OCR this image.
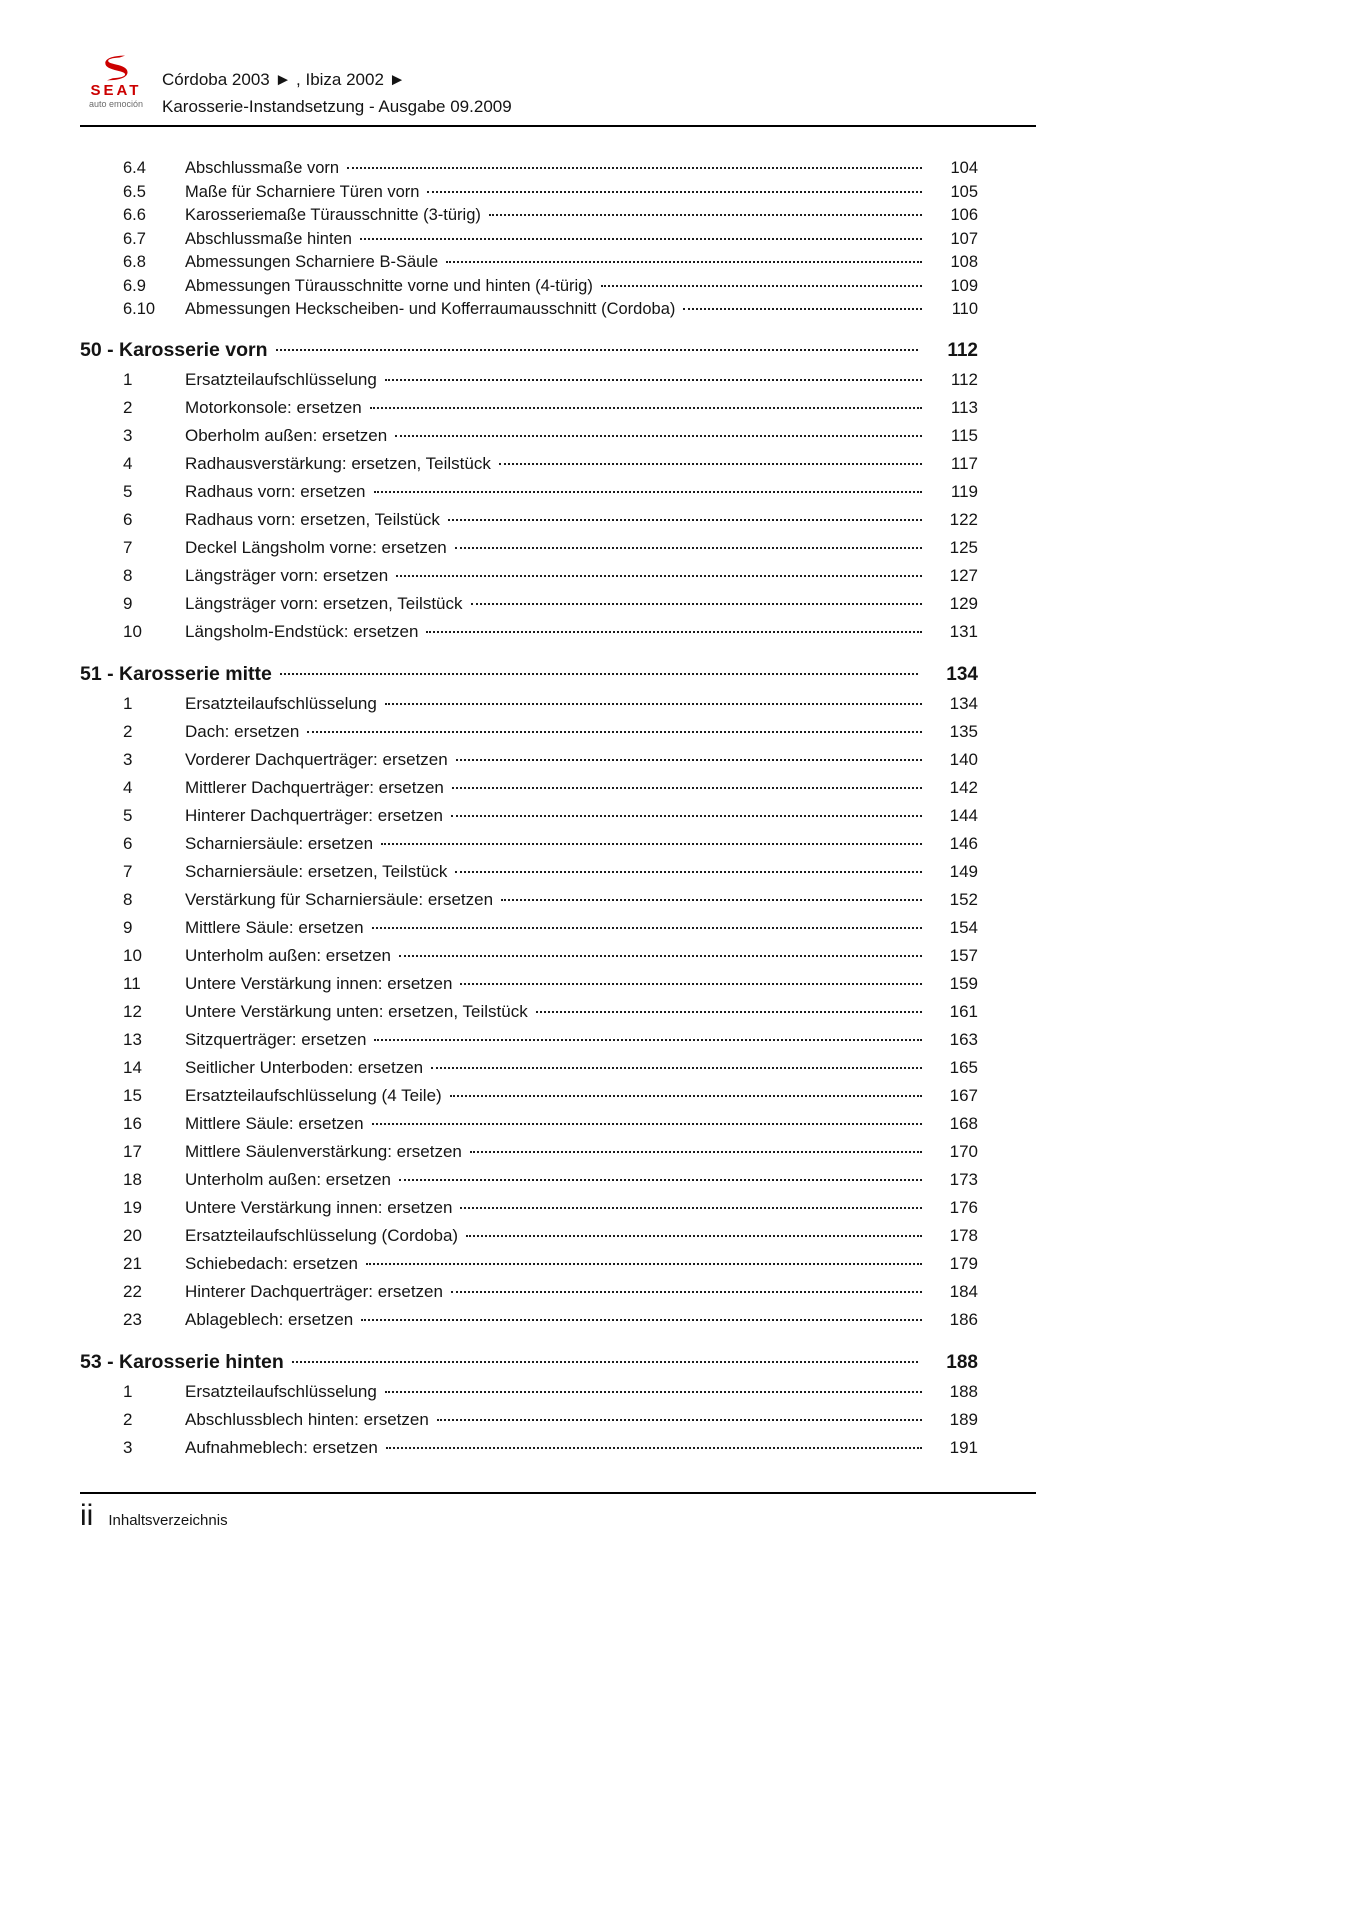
SEAT
auto emoción
Córdoba 2003 ► , Ibiza 2002 ►
Karosserie-Instandsetzung - Ausgabe 09.2009
6.4	Abschlussmaße vorn	104
6.5	Maße für Scharniere Türen vorn	105
6.6	Karosseriemaße Türausschnitte (3-türig)	106
6.7	Abschlussmaße hinten	107
6.8	Abmessungen Scharniere B-Säule	108
6.9	Abmessungen Türausschnitte vorne und hinten (4-türig)	109
6.10	Abmessungen Heckscheiben- und Kofferraumausschnitt (Cordoba)	110
50 - Karosserie vorn	112
1	Ersatzteilaufschlüsselung	112
2	Motorkonsole: ersetzen	113
3	Oberholm außen: ersetzen	115
4	Radhausverstärkung: ersetzen, Teilstück	117
5	Radhaus vorn: ersetzen	119
6	Radhaus vorn: ersetzen, Teilstück	122
7	Deckel Längsholm vorne: ersetzen	125
8	Längsträger vorn: ersetzen	127
9	Längsträger vorn: ersetzen, Teilstück	129
10	Längsholm-Endstück: ersetzen	131
51 - Karosserie mitte	134
1	Ersatzteilaufschlüsselung	134
2	Dach: ersetzen	135
3	Vorderer Dachquerträger: ersetzen	140
4	Mittlerer Dachquerträger: ersetzen	142
5	Hinterer Dachquerträger: ersetzen	144
6	Scharniersäule: ersetzen	146
7	Scharniersäule: ersetzen, Teilstück	149
8	Verstärkung für Scharniersäule: ersetzen	152
9	Mittlere Säule: ersetzen	154
10	Unterholm außen: ersetzen	157
11	Untere Verstärkung innen: ersetzen	159
12	Untere Verstärkung unten: ersetzen, Teilstück	161
13	Sitzquerträger: ersetzen	163
14	Seitlicher Unterboden: ersetzen	165
15	Ersatzteilaufschlüsselung (4 Teile)	167
16	Mittlere Säule: ersetzen	168
17	Mittlere Säulenverstärkung: ersetzen	170
18	Unterholm außen: ersetzen	173
19	Untere Verstärkung innen: ersetzen	176
20	Ersatzteilaufschlüsselung (Cordoba)	178
21	Schiebedach: ersetzen	179
22	Hinterer Dachquerträger: ersetzen	184
23	Ablageblech: ersetzen	186
53 - Karosserie hinten	188
1	Ersatzteilaufschlüsselung	188
2	Abschlussblech hinten: ersetzen	189
3	Aufnahmeblech: ersetzen	191
ii Inhaltsverzeichnis
